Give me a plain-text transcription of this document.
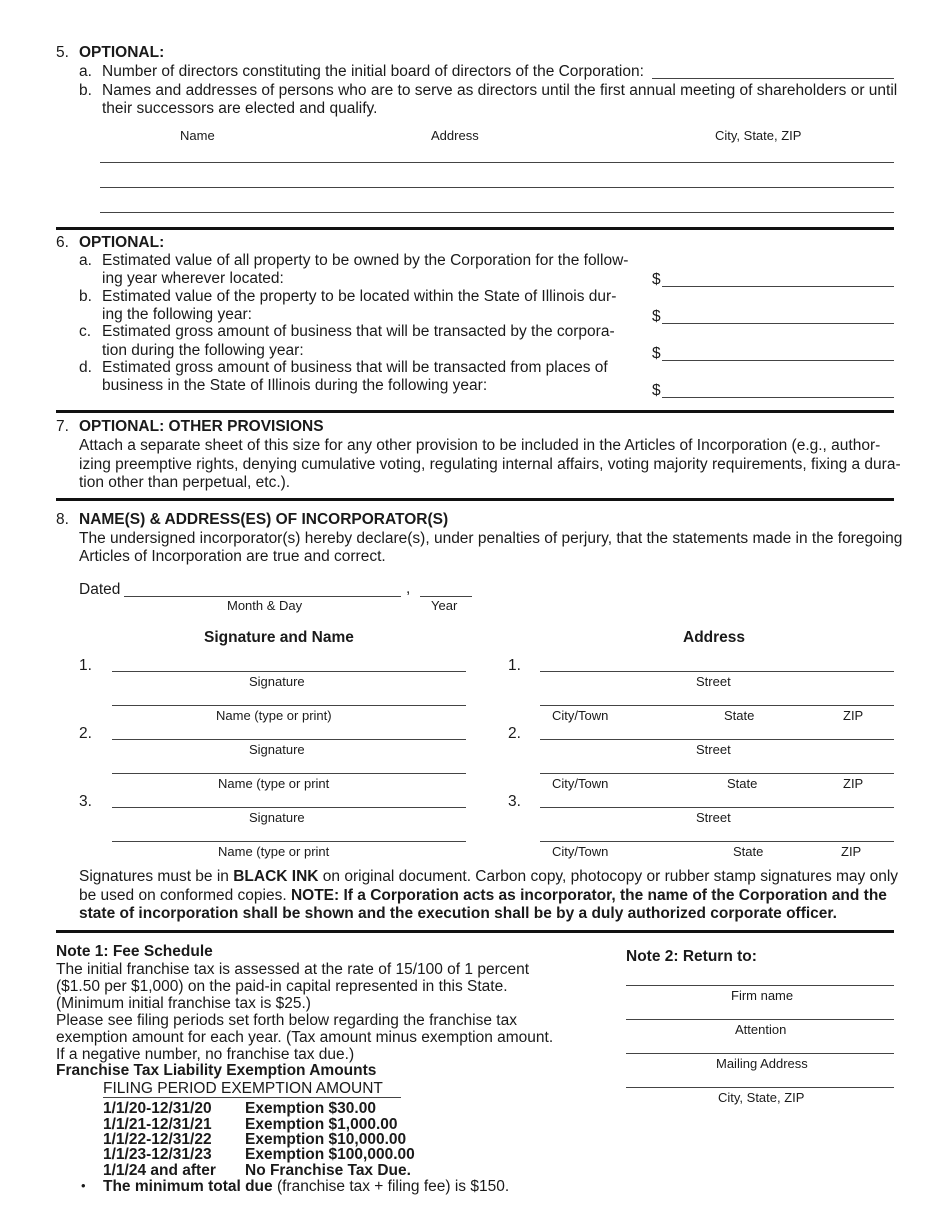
5. OPTIONAL:
a. Number of directors constituting the initial board of directors of the Corporation:
b. Names and addresses of persons who are to serve as directors until the first annual meeting of shareholders or until
their successors are elected and qualify.
Name	Address	City, State, ZIP
6. OPTIONAL:
a. Estimated value of all property to be owned by the Corporation for the follow-
ing year wherever located:	$
b. Estimated value of the property to be located within the State of Illinois dur-
ing the following year:	$
c. Estimated gross amount of business that will be transacted by the corpora-
tion during the following year:	$
d. Estimated gross amount of business that will be transacted from places of
business in the State of Illinois during the following year:	$
7. OPTIONAL: OTHER PROVISIONS
Attach a separate sheet of this size for any other provision to be included in the Articles of Incorporation (e.g., author-
izing preemptive rights, denying cumulative voting, regulating internal affairs, voting majority requirements, fixing a dura-
tion other than perpetual, etc.).
8. NAME(S) & ADDRESS(ES) OF INCORPORATOR(S)
The undersigned incorporator(s) hereby declare(s), under penalties of perjury, that the statements made in the foregoing
Articles of Incorporation are true and correct.
Dated	,
Month & Day	Year
Signature and Name	Address
1.
Signature
Name (type or print)
1.
Street
City/Town	State	ZIP
2.
Signature
Name (type or print
2.
Street
City/Town	State	ZIP
3.
Signature
Name (type or print
3.
Street
City/Town	State	ZIP
Signatures must be in BLACK INK on original document. Carbon copy, photocopy or rubber stamp signatures may only
be used on conformed copies. NOTE: If a Corporation acts as incorporator, the name of the Corporation and the
state of incorporation shall be shown and the execution shall be by a duly authorized corporate officer.
Note 1: Fee Schedule
The initial franchise tax is assessed at the rate of 15/100 of 1 percent
($1.50 per $1,000) on the paid-in capital represented in this State.
(Minimum initial franchise tax is $25.)
Please see filing periods set forth below regarding the franchise tax
exemption amount for each year. (Tax amount minus exemption amount.
If a negative number, no franchise tax due.)
Franchise Tax Liability Exemption Amounts
FILING PERIOD EXEMPTION AMOUNT
1/1/20-12/31/20 Exemption $30.00
1/1/21-12/31/21 Exemption $1,000.00
1/1/22-12/31/22 Exemption $10,000.00
1/1/23-12/31/23 Exemption $100,000.00
1/1/24 and after No Franchise Tax Due.
• The minimum total due (franchise tax + filing fee) is $150.
Note 2: Return to:
Firm name
Attention
Mailing Address
City, State, ZIP
